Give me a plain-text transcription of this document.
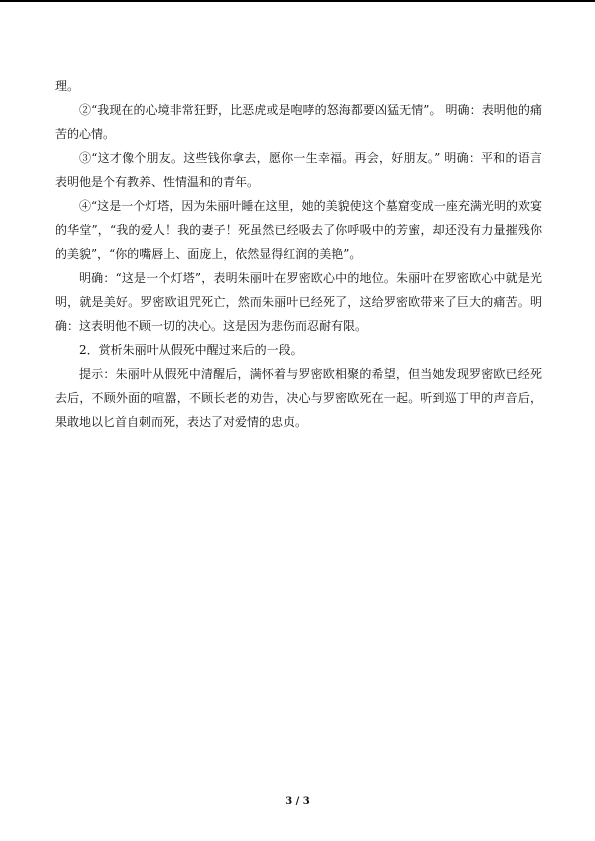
理。

②“我现在的心境非常狂野，比恶虎或是咆哮的怒海都要凶猛无情”。 明确：表明他的痛苦的心情。

③“这才像个朋友。这些钱你拿去，愿你一生幸福。再会，好朋友。” 明确：平和的语言表明他是个有教养、性情温和的青年。

④“这是一个灯塔，因为朱丽叶睡在这里，她的美貌使这个墓窟变成一座充满光明的欢宴的华堂”，“我的爱人！我的妻子！死虽然已经吸去了你呼吸中的芳蜜，却还没有力量摧残你的美貌”，“你的嘴唇上、面庞上，依然显得红润的美艳”。

明确：“这是一个灯塔”，表明朱丽叶在罗密欧心中的地位。朱丽叶在罗密欧心中就是光明，就是美好。罗密欧诅咒死亡，然而朱丽叶已经死了，这给罗密欧带来了巨大的痛苦。明确：这表明他不顾一切的决心。这是因为悲伤而忍耐有限。

2．赏析朱丽叶从假死中醒过来后的一段。

提示：朱丽叶从假死中清醒后，满怀着与罗密欧相聚的希望，但当她发现罗密欧已经死去后，不顾外面的喧嚣，不顾长老的劝告，决心与罗密欧死在一起。听到巡丁甲的声音后，果敢地以匕首自刺而死，表达了对爱情的忠贞。

3 / 3
